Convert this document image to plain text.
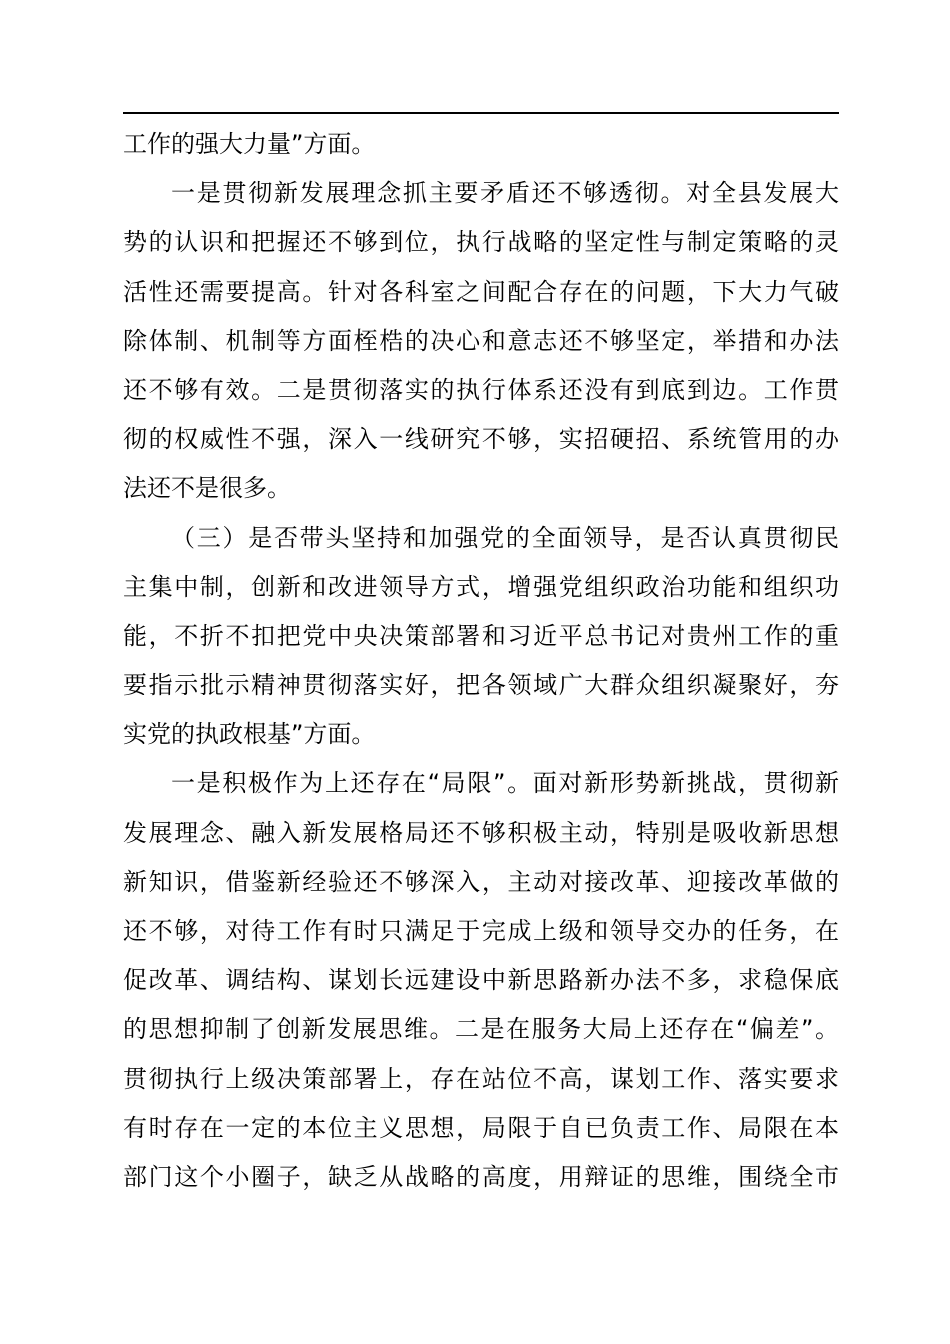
工作的强大力量”方面。
一是贯彻新发展理念抓主要矛盾还不够透彻。对全县发展大
势的认识和把握还不够到位，执行战略的坚定性与制定策略的灵
活性还需要提高。针对各科室之间配合存在的问题，下大力气破
除体制、机制等方面桎梏的决心和意志还不够坚定，举措和办法
还不够有效。二是贯彻落实的执行体系还没有到底到边。工作贯
彻的权威性不强，深入一线研究不够，实招硬招、系统管用的办
法还不是很多。
（三）是否带头坚持和加强党的全面领导，是否认真贯彻民
主集中制，创新和改进领导方式，增强党组织政治功能和组织功
能，不折不扣把党中央决策部署和习近平总书记对贵州工作的重
要指示批示精神贯彻落实好，把各领域广大群众组织凝聚好，夯
实党的执政根基”方面。
一是积极作为上还存在“局限”。面对新形势新挑战，贯彻新
发展理念、融入新发展格局还不够积极主动，特别是吸收新思想
新知识，借鉴新经验还不够深入，主动对接改革、迎接改革做的
还不够，对待工作有时只满足于完成上级和领导交办的任务，在
促改革、调结构、谋划长远建设中新思路新办法不多，求稳保底
的思想抑制了创新发展思维。二是在服务大局上还存在“偏差”。
贯彻执行上级决策部署上，存在站位不高，谋划工作、落实要求
有时存在一定的本位主义思想，局限于自已负责工作、局限在本
部门这个小圈子，缺乏从战略的高度，用辩证的思维，围绕全市
